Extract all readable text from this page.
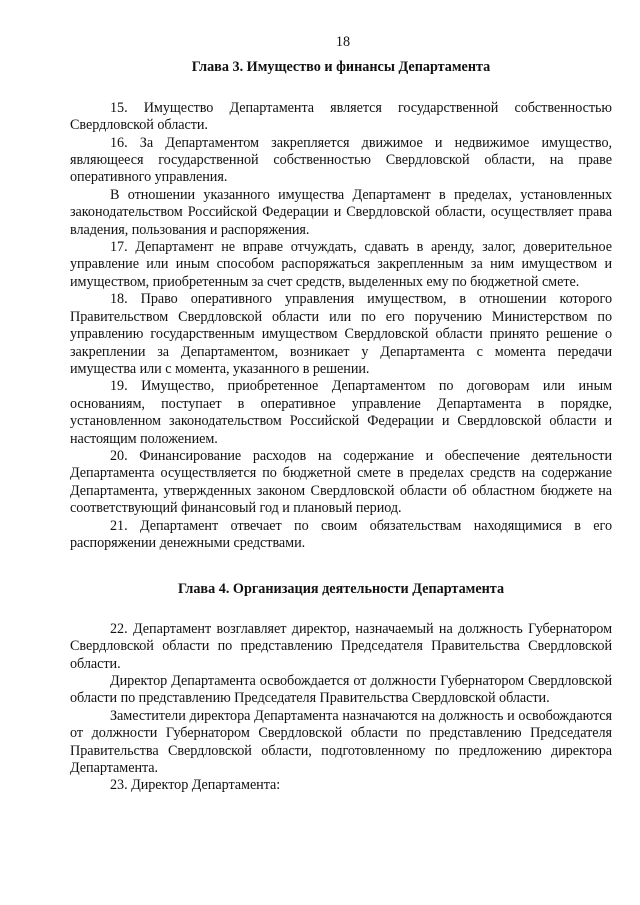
18
Глава 3. Имущество и финансы Департамента

15. Имущество Департамента является государственной собственностью Свердловской области.

16. За Департаментом закрепляется движимое и недвижимое имущество, являющееся государственной собственностью Свердловской области, на праве оперативного управления.

В отношении указанного имущества Департамент в пределах, установленных законодательством Российской Федерации и Свердловской области, осуществляет права владения, пользования и распоряжения.

17. Департамент не вправе отчуждать, сдавать в аренду, залог, доверительное управление или иным способом распоряжаться закрепленным за ним имуществом и имуществом, приобретенным за счет средств, выделенных ему по бюджетной смете.

18. Право оперативного управления имуществом, в отношении которого Правительством Свердловской области или по его поручению Министерством по управлению государственным имуществом Свердловской области принято решение о закреплении за Департаментом, возникает у Департамента с момента передачи имущества или с момента, указанного в решении.

19. Имущество, приобретенное Департаментом по договорам или иным основаниям, поступает в оперативное управление Департамента в порядке, установленном законодательством Российской Федерации и Свердловской области и настоящим положением.

20. Финансирование расходов на содержание и обеспечение деятельности Департамента осуществляется по бюджетной смете в пределах средств на содержание Департамента, утвержденных законом Свердловской области об областном бюджете на соответствующий финансовый год и плановый период.

21. Департамент отвечает по своим обязательствам находящимися в его распоряжении денежными средствами.

Глава 4. Организация деятельности Департамента

22. Департамент возглавляет директор, назначаемый на должность Губернатором Свердловской области по представлению Председателя Правительства Свердловской области.

Директор Департамента освобождается от должности Губернатором Свердловской области по представлению Председателя Правительства Свердловской области.

Заместители директора Департамента назначаются на должность и освобождаются от должности Губернатором Свердловской области по представлению Председателя Правительства Свердловской области, подготовленному по предложению директора Департамента.

23. Директор Департамента:
